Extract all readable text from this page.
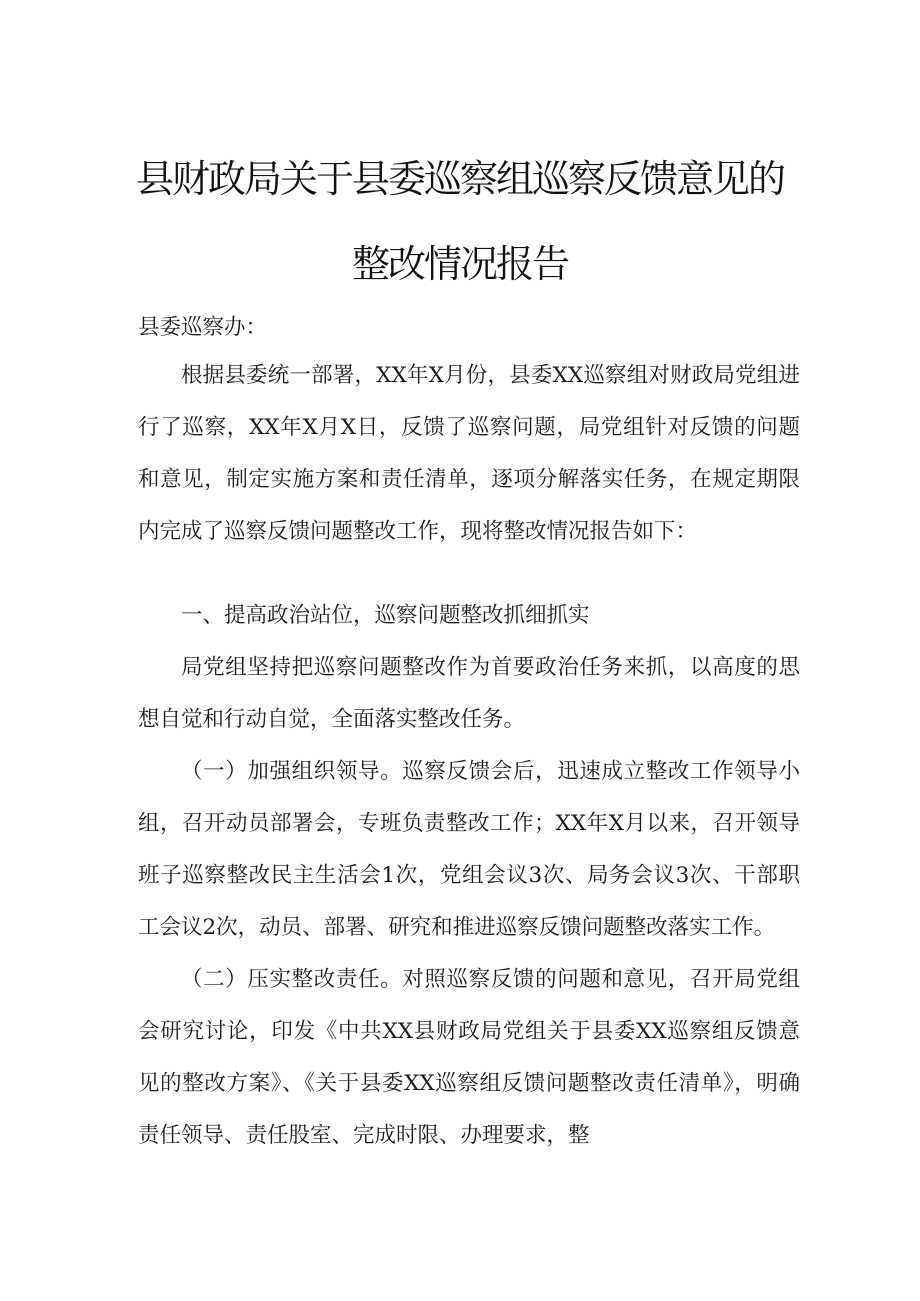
县财政局关于县委巡察组巡察反馈意见的
整改情况报告
县委巡察办：

根据县委统一部署，XX年X月份，县委XX巡察组对财政局党组进行了巡察，XX年X月X日，反馈了巡察问题，局党组针对反馈的问题和意见，制定实施方案和责任清单，逐项分解落实任务，在规定期限内完成了巡察反馈问题整改工作，现将整改情况报告如下：

一、提高政治站位，巡察问题整改抓细抓实

局党组坚持把巡察问题整改作为首要政治任务来抓，以高度的思想自觉和行动自觉，全面落实整改任务。

（一）加强组织领导。巡察反馈会后，迅速成立整改工作领导小组，召开动员部署会，专班负责整改工作；XX年X月以来，召开领导班子巡察整改民主生活会1次，党组会议3次、局务会议3次、干部职工会议2次，动员、部署、研究和推进巡察反馈问题整改落实工作。

（二）压实整改责任。对照巡察反馈的问题和意见，召开局党组会研究讨论，印发《中共XX县财政局党组关于县委XX巡察组反馈意见的整改方案》、《关于县委XX巡察组反馈问题整改责任清单》，明确责任领导、责任股室、完成时限、办理要求，整
